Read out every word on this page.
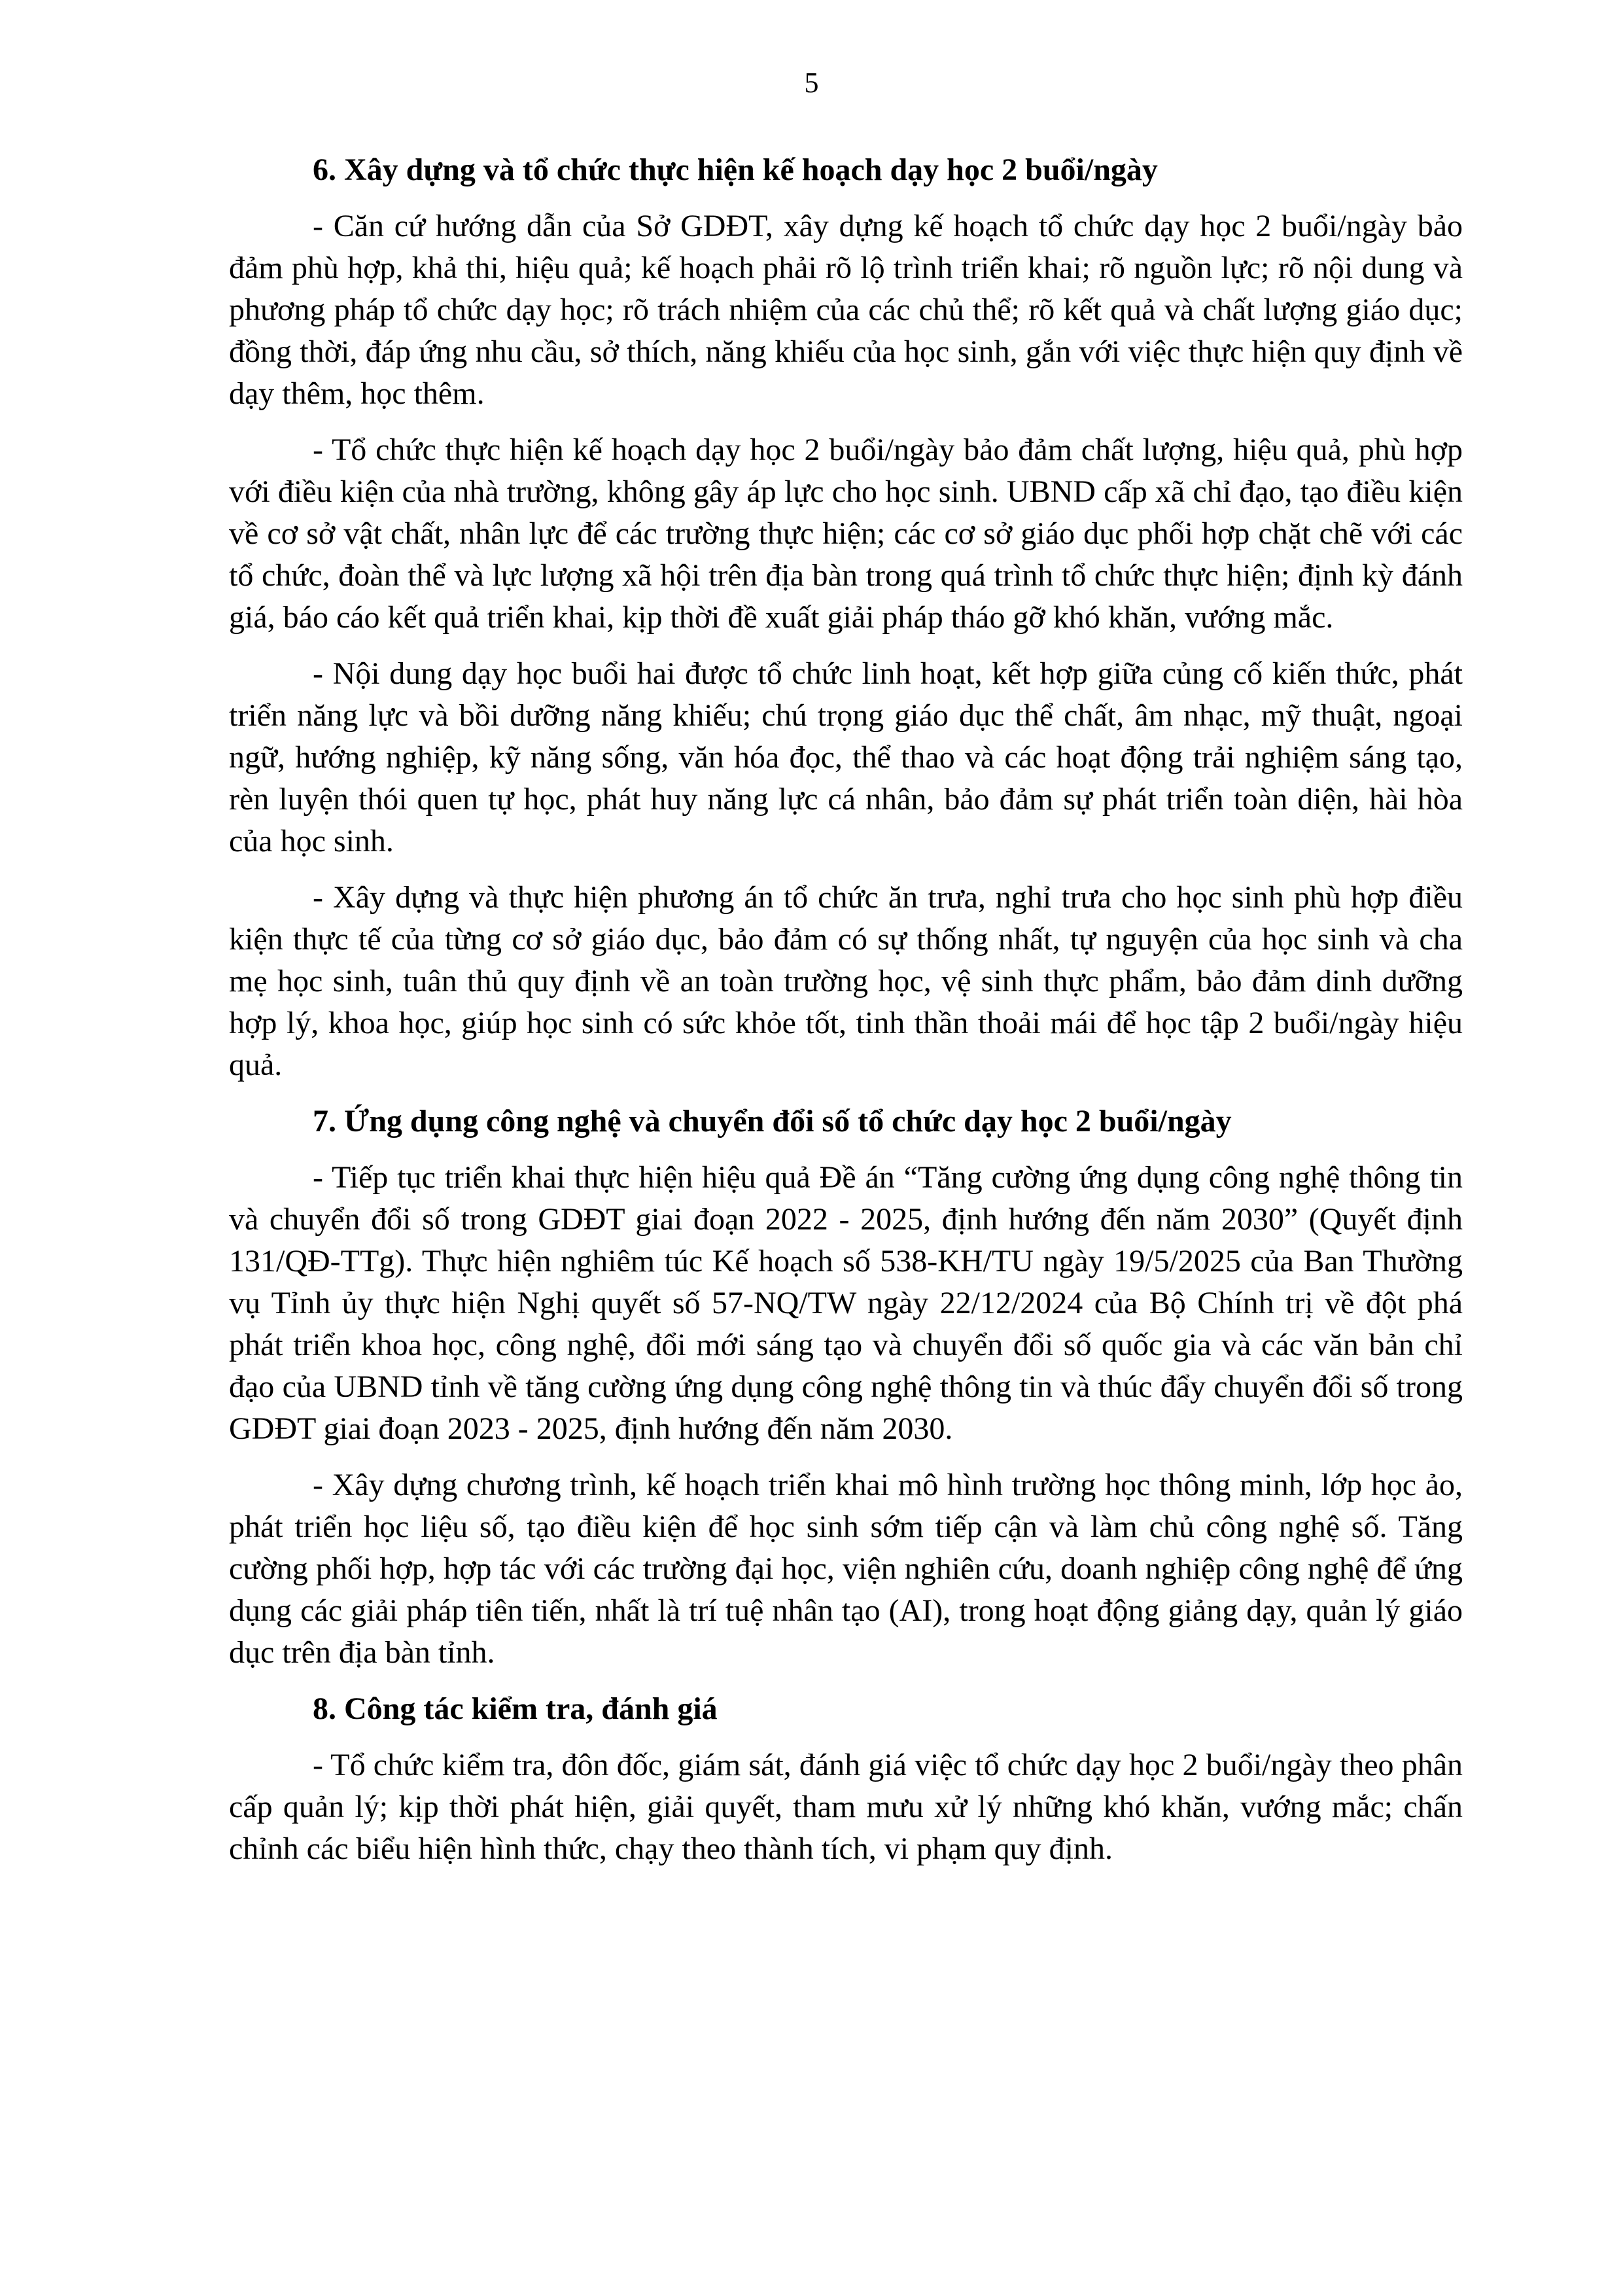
5
6. Xây dựng và tổ chức thực hiện kế hoạch dạy học 2 buổi/ngày

- Căn cứ hướng dẫn của Sở GDĐT, xây dựng kế hoạch tổ chức dạy học 2 buổi/ngày bảo đảm phù hợp, khả thi, hiệu quả; kế hoạch phải rõ lộ trình triển khai; rõ nguồn lực; rõ nội dung và phương pháp tổ chức dạy học; rõ trách nhiệm của các chủ thể; rõ kết quả và chất lượng giáo dục; đồng thời, đáp ứng nhu cầu, sở thích, năng khiếu của học sinh, gắn với việc thực hiện quy định về dạy thêm, học thêm.

- Tổ chức thực hiện kế hoạch dạy học 2 buổi/ngày bảo đảm chất lượng, hiệu quả, phù hợp với điều kiện của nhà trường, không gây áp lực cho học sinh. UBND cấp xã chỉ đạo, tạo điều kiện về cơ sở vật chất, nhân lực để các trường thực hiện; các cơ sở giáo dục phối hợp chặt chẽ với các tổ chức, đoàn thể và lực lượng xã hội trên địa bàn trong quá trình tổ chức thực hiện; định kỳ đánh giá, báo cáo kết quả triển khai, kịp thời đề xuất giải pháp tháo gỡ khó khăn, vướng mắc.

- Nội dung dạy học buổi hai được tổ chức linh hoạt, kết hợp giữa củng cố kiến thức, phát triển năng lực và bồi dưỡng năng khiếu; chú trọng giáo dục thể chất, âm nhạc, mỹ thuật, ngoại ngữ, hướng nghiệp, kỹ năng sống, văn hóa đọc, thể thao và các hoạt động trải nghiệm sáng tạo, rèn luyện thói quen tự học, phát huy năng lực cá nhân, bảo đảm sự phát triển toàn diện, hài hòa của học sinh.

- Xây dựng và thực hiện phương án tổ chức ăn trưa, nghỉ trưa cho học sinh phù hợp điều kiện thực tế của từng cơ sở giáo dục, bảo đảm có sự thống nhất, tự nguyện của học sinh và cha mẹ học sinh, tuân thủ quy định về an toàn trường học, vệ sinh thực phẩm, bảo đảm dinh dưỡng hợp lý, khoa học, giúp học sinh có sức khỏe tốt, tinh thần thoải mái để học tập 2 buổi/ngày hiệu quả.

7. Ứng dụng công nghệ và chuyển đổi số tổ chức dạy học 2 buổi/ngày

- Tiếp tục triển khai thực hiện hiệu quả Đề án “Tăng cường ứng dụng công nghệ thông tin và chuyển đổi số trong GDĐT giai đoạn 2022 - 2025, định hướng đến năm 2030” (Quyết định 131/QĐ-TTg). Thực hiện nghiêm túc Kế hoạch số 538-KH/TU ngày 19/5/2025 của Ban Thường vụ Tỉnh ủy thực hiện Nghị quyết số 57-NQ/TW ngày 22/12/2024 của Bộ Chính trị về đột phá phát triển khoa học, công nghệ, đổi mới sáng tạo và chuyển đổi số quốc gia và các văn bản chỉ đạo của UBND tỉnh về tăng cường ứng dụng công nghệ thông tin và thúc đẩy chuyển đổi số trong GDĐT giai đoạn 2023 - 2025, định hướng đến năm 2030.

- Xây dựng chương trình, kế hoạch triển khai mô hình trường học thông minh, lớp học ảo, phát triển học liệu số, tạo điều kiện để học sinh sớm tiếp cận và làm chủ công nghệ số. Tăng cường phối hợp, hợp tác với các trường đại học, viện nghiên cứu, doanh nghiệp công nghệ để ứng dụng các giải pháp tiên tiến, nhất là trí tuệ nhân tạo (AI), trong hoạt động giảng dạy, quản lý giáo dục trên địa bàn tỉnh.

8. Công tác kiểm tra, đánh giá

- Tổ chức kiểm tra, đôn đốc, giám sát, đánh giá việc tổ chức dạy học 2 buổi/ngày theo phân cấp quản lý; kịp thời phát hiện, giải quyết, tham mưu xử lý những khó khăn, vướng mắc; chấn chỉnh các biểu hiện hình thức, chạy theo thành tích, vi phạm quy định.
